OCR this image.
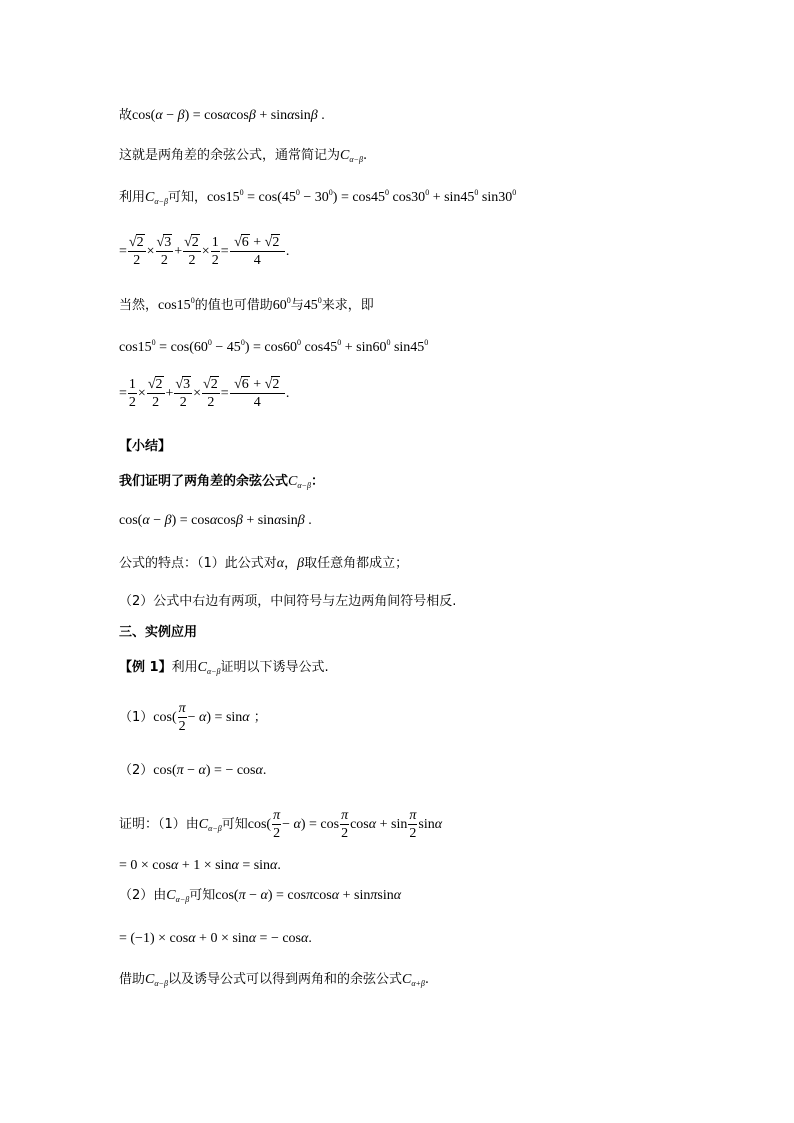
故cos(α − β) = cosαcosβ + sinαsinβ .
这就是两角差的余弦公式，通常简记为$C_{\alpha-\beta}$.
利用$C_{\alpha-\beta}$可知，$\cos 15^0 = \cos(45^0 - 30^0) = \cos 45^0$ $\cos 30^0 + \sin 45^0$ $\sin 30^0$
= $\frac{√2}{2} \times \frac{√3}{2} + \frac{√2}{2} \times \frac{1}{2} = \frac{√6 + √2}{4}$ .
当然，$\cos 15^0$的值也可借助$60^0$与$45^0$来求，即
$\cos 15^0 = \cos(60^0 - 45^0) = \cos 60^0$ $\cos 45^0 + \sin 60^0$ $\sin 45^0$
= $\frac{1}{2} \times \frac{√2}{2} + \frac{√3}{2} \times \frac{√2}{2} = \frac{√6 + √2}{4}$ .
【小结】
我们证明了两角差的余弦公式$C_{\alpha-\beta}$：
cos(α − β) = cosαcosβ + sinαsinβ .
公式的特点：（1）此公式对α，β取任意角都成立；
（2）公式中右边有两项，中间符号与左边两角间符号相反.
三、实例应用
【例 1】利用$C_{\alpha-\beta}$证明以下诱导公式.
$(1)\cos( \frac{\pi}{2} - \alpha) = \sin\alpha$ ；
（2）cos(π − α) = − cosα.
证明：（1）由$C_{\alpha-\beta}$可知$\cos( \frac{\pi}{2} - \alpha) = \cos \frac{\pi}{2}$ $\cos\alpha + \sin \frac{\pi}{2}$ sinα
= 0 × cosα + 1 × sinα = sinα.
（2）由$C_{\alpha-\beta}$可知cos(π − α) = cosπcosα + sinπsinα
= (−1) × cosα + 0 × sinα = − cosα.
借助$C_{\alpha-\beta}$以及诱导公式可以得到两角和的余弦公式$C_{\alpha+\beta}$.
